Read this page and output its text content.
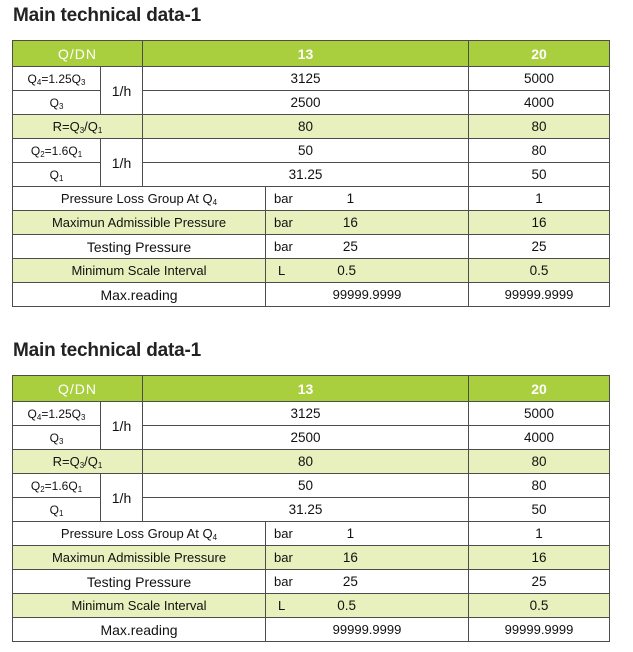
Main technical data-1
Q/DN		13		20
$Q_4=1.25Q_3$	1/h	3125		5000
$Q_3$		2500		4000
$R=Q_3/Q_1$		80		80
$Q_2=1.6Q_1$	1/h	50		80
$Q_1$		31.25		50
Pressure Loss Group At $Q_4$			bar 1	1
Maximun Admissible Pressure			bar 16	16
Testing Pressure			bar 25	25
Minimum Scale Interval			L 0.5	0.5
Max.reading			99999.9999	99999.9999
Main technical data-1
Q/DN		13		20
$Q_4=1.25Q_3$	1/h	3125		5000
$Q_3$		2500		4000
$R=Q_3/Q_1$		80		80
$Q_2=1.6Q_1$	1/h	50		80
$Q_1$		31.25		50
Pressure Loss Group At $Q_4$			bar 1	1
Maximun Admissible Pressure			bar 16	16
Testing Pressure			bar 25	25
Minimum Scale Interval			L 0.5	0.5
Max.reading			99999.9999	99999.9999
